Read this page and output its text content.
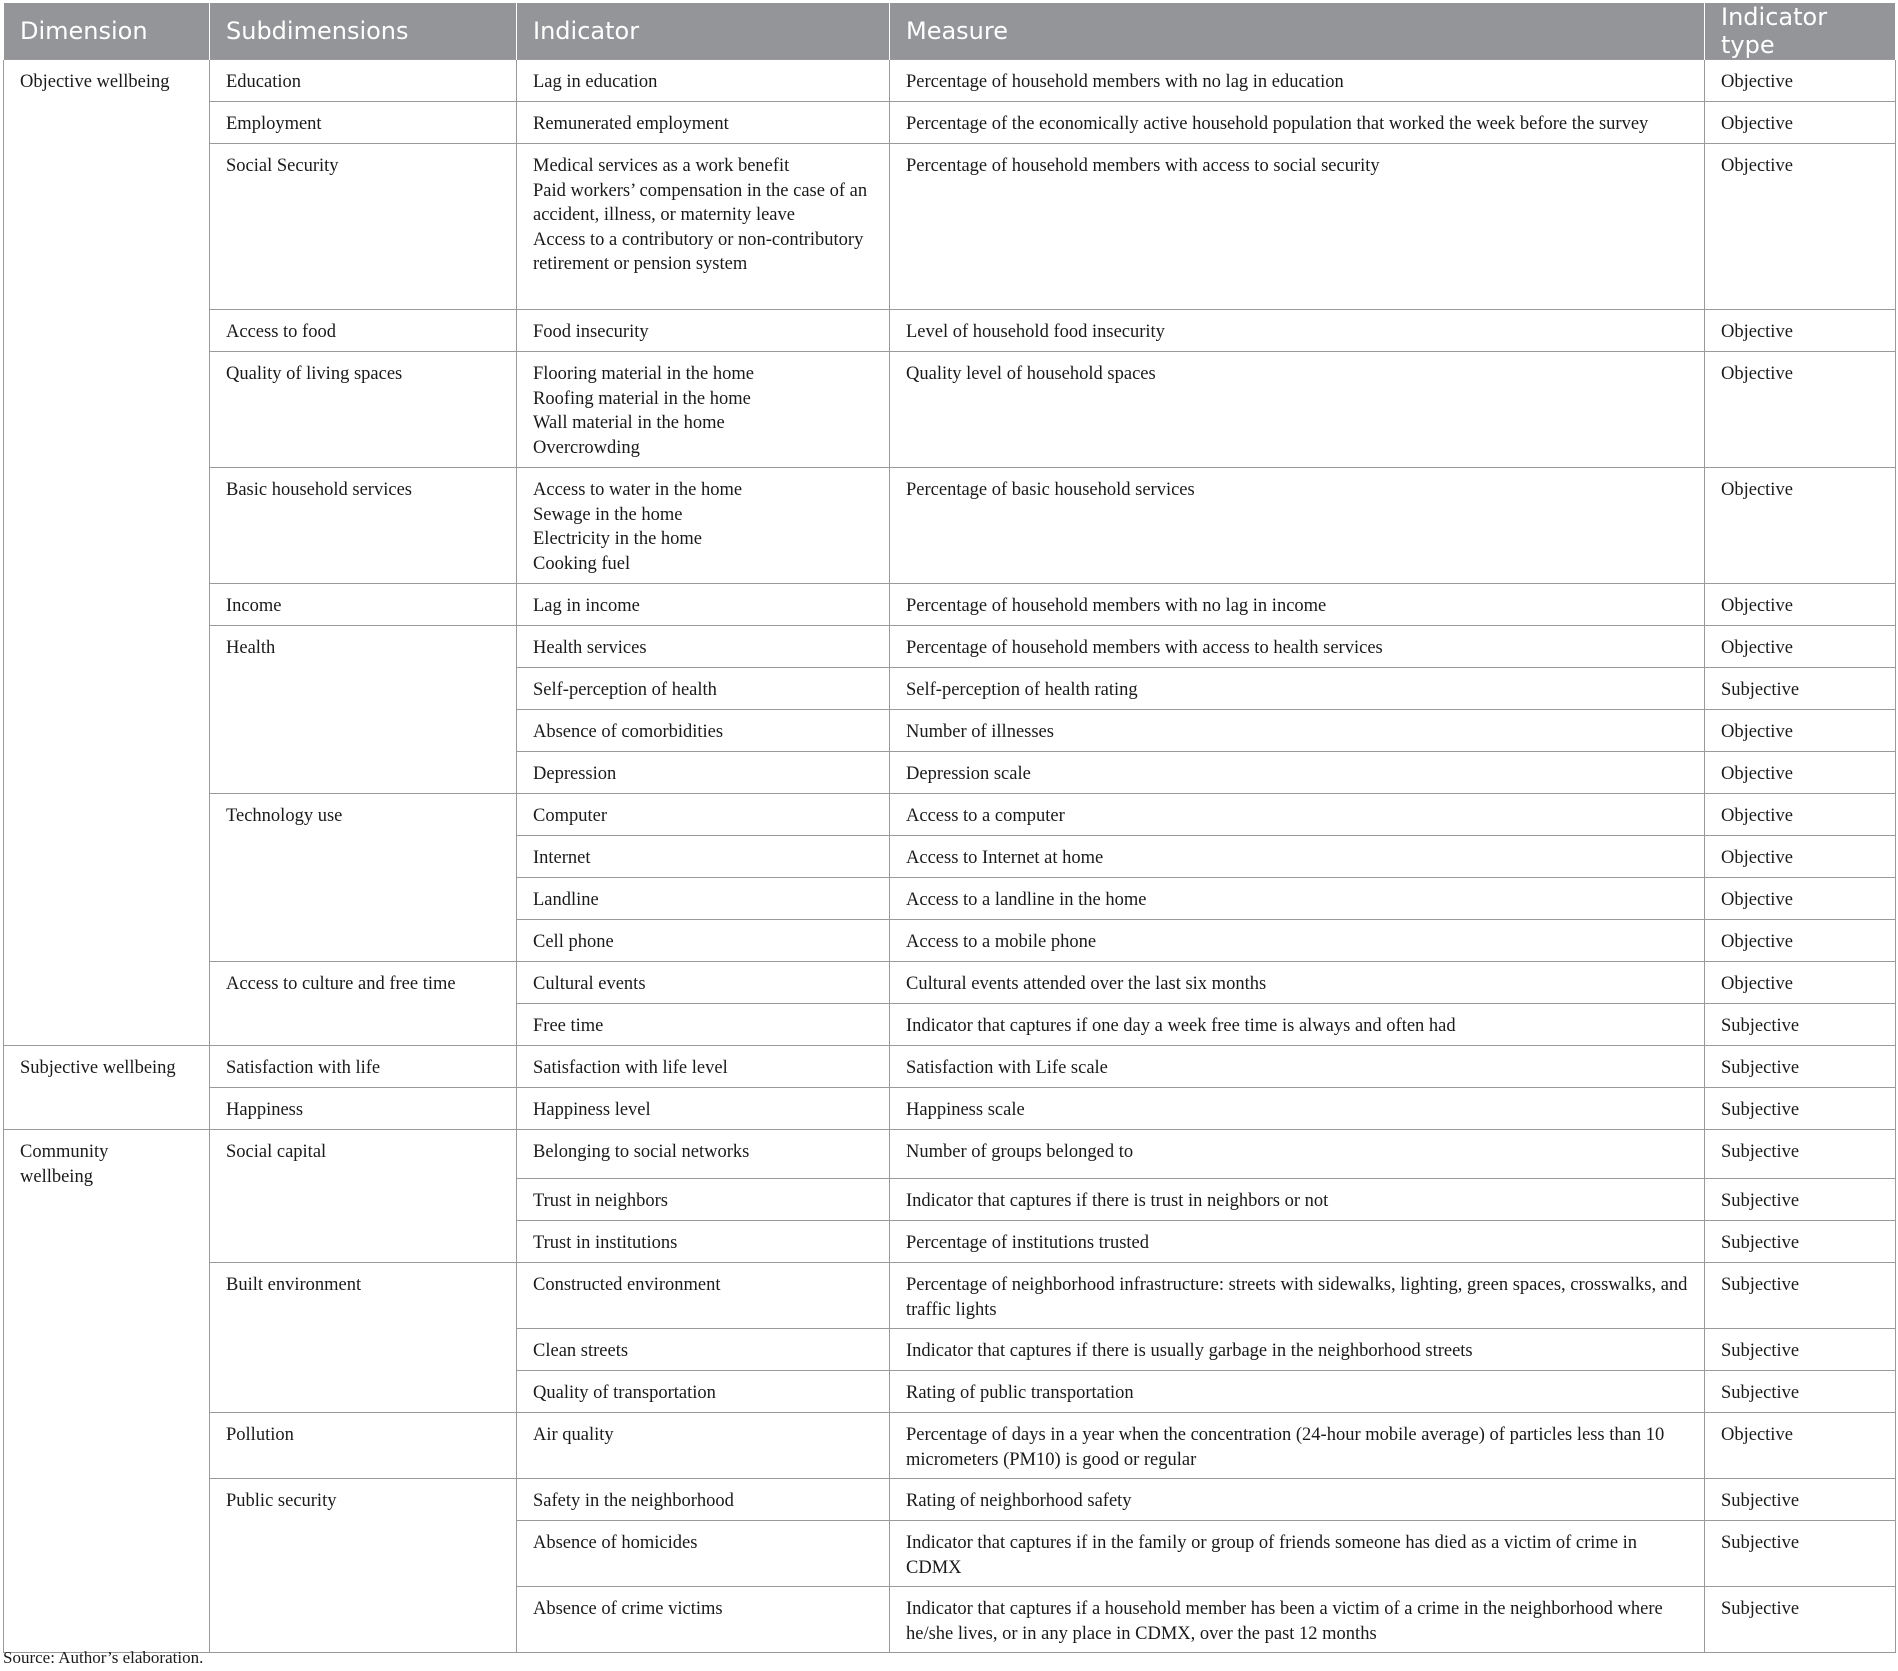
Dimension	Subdimensions	Indicator	Measure	Indicator type
Objective wellbeing	Education	Lag in education	Percentage of household members with no lag in education	Objective
	Employment	Remunerated employment	Percentage of the economically active household population that worked the week before the survey	Objective
	Social Security	Medical services as a work benefit
Paid workers’ compensation in the case of an accident, illness, or maternity leave
Access to a contributory or non-contributory retirement or pension system	Percentage of household members with access to social security	Objective
	Access to food	Food insecurity	Level of household food insecurity	Objective
	Quality of living spaces	Flooring material in the home
Roofing material in the home
Wall material in the home
Overcrowding	Quality level of household spaces	Objective
	Basic household services	Access to water in the home
Sewage in the home
Electricity in the home
Cooking fuel	Percentage of basic household services	Objective
	Income	Lag in income	Percentage of household members with no lag in income	Objective
	Health	Health services	Percentage of household members with access to health services	Objective

		Self-perception of health	Self-perception of health rating	Subjective

		Absence of comorbidities	Number of illnesses	Objective

		Depression	Depression scale	Objective
	Technology use	Computer	Access to a computer	Objective

		Internet	Access to Internet at home	Objective

		Landline	Access to a landline in the home	Objective

		Cell phone	Access to a mobile phone	Objective
	Access to culture and free time	Cultural events	Cultural events attended over the last six months	Objective

		Free time	Indicator that captures if one day a week free time is always and often had	Subjective
Subjective wellbeing	Satisfaction with life	Satisfaction with life level	Satisfaction with Life scale	Subjective
	Happiness	Happiness level	Happiness scale	Subjective
Community wellbeing	Social capital	Belonging to social networks	Number of groups belonged to	Subjective

		Trust in neighbors	Indicator that captures if there is trust in neighbors or not	Subjective

		Trust in institutions	Percentage of institutions trusted	Subjective
	Built environment	Constructed environment	Percentage of neighborhood infrastructure: streets with sidewalks, lighting, green spaces, crosswalks, and traffic lights	Subjective

		Clean streets	Indicator that captures if there is usually garbage in the neighborhood streets	Subjective

		Quality of transportation	Rating of public transportation	Subjective
	Pollution	Air quality	Percentage of days in a year when the concentration (24-hour mobile average) of particles less than 10 micrometers (PM10) is good or regular	Objective
	Public security	Safety in the neighborhood	Rating of neighborhood safety	Subjective

		Absence of homicides	Indicator that captures if in the family or group of friends someone has died as a victim of crime in CDMX	Subjective

		Absence of crime victims	Indicator that captures if a household member has been a victim of a crime in the neighborhood where he/she lives, or in any place in CDMX, over the past 12 months	Subjective
Source: Author’s elaboration.
